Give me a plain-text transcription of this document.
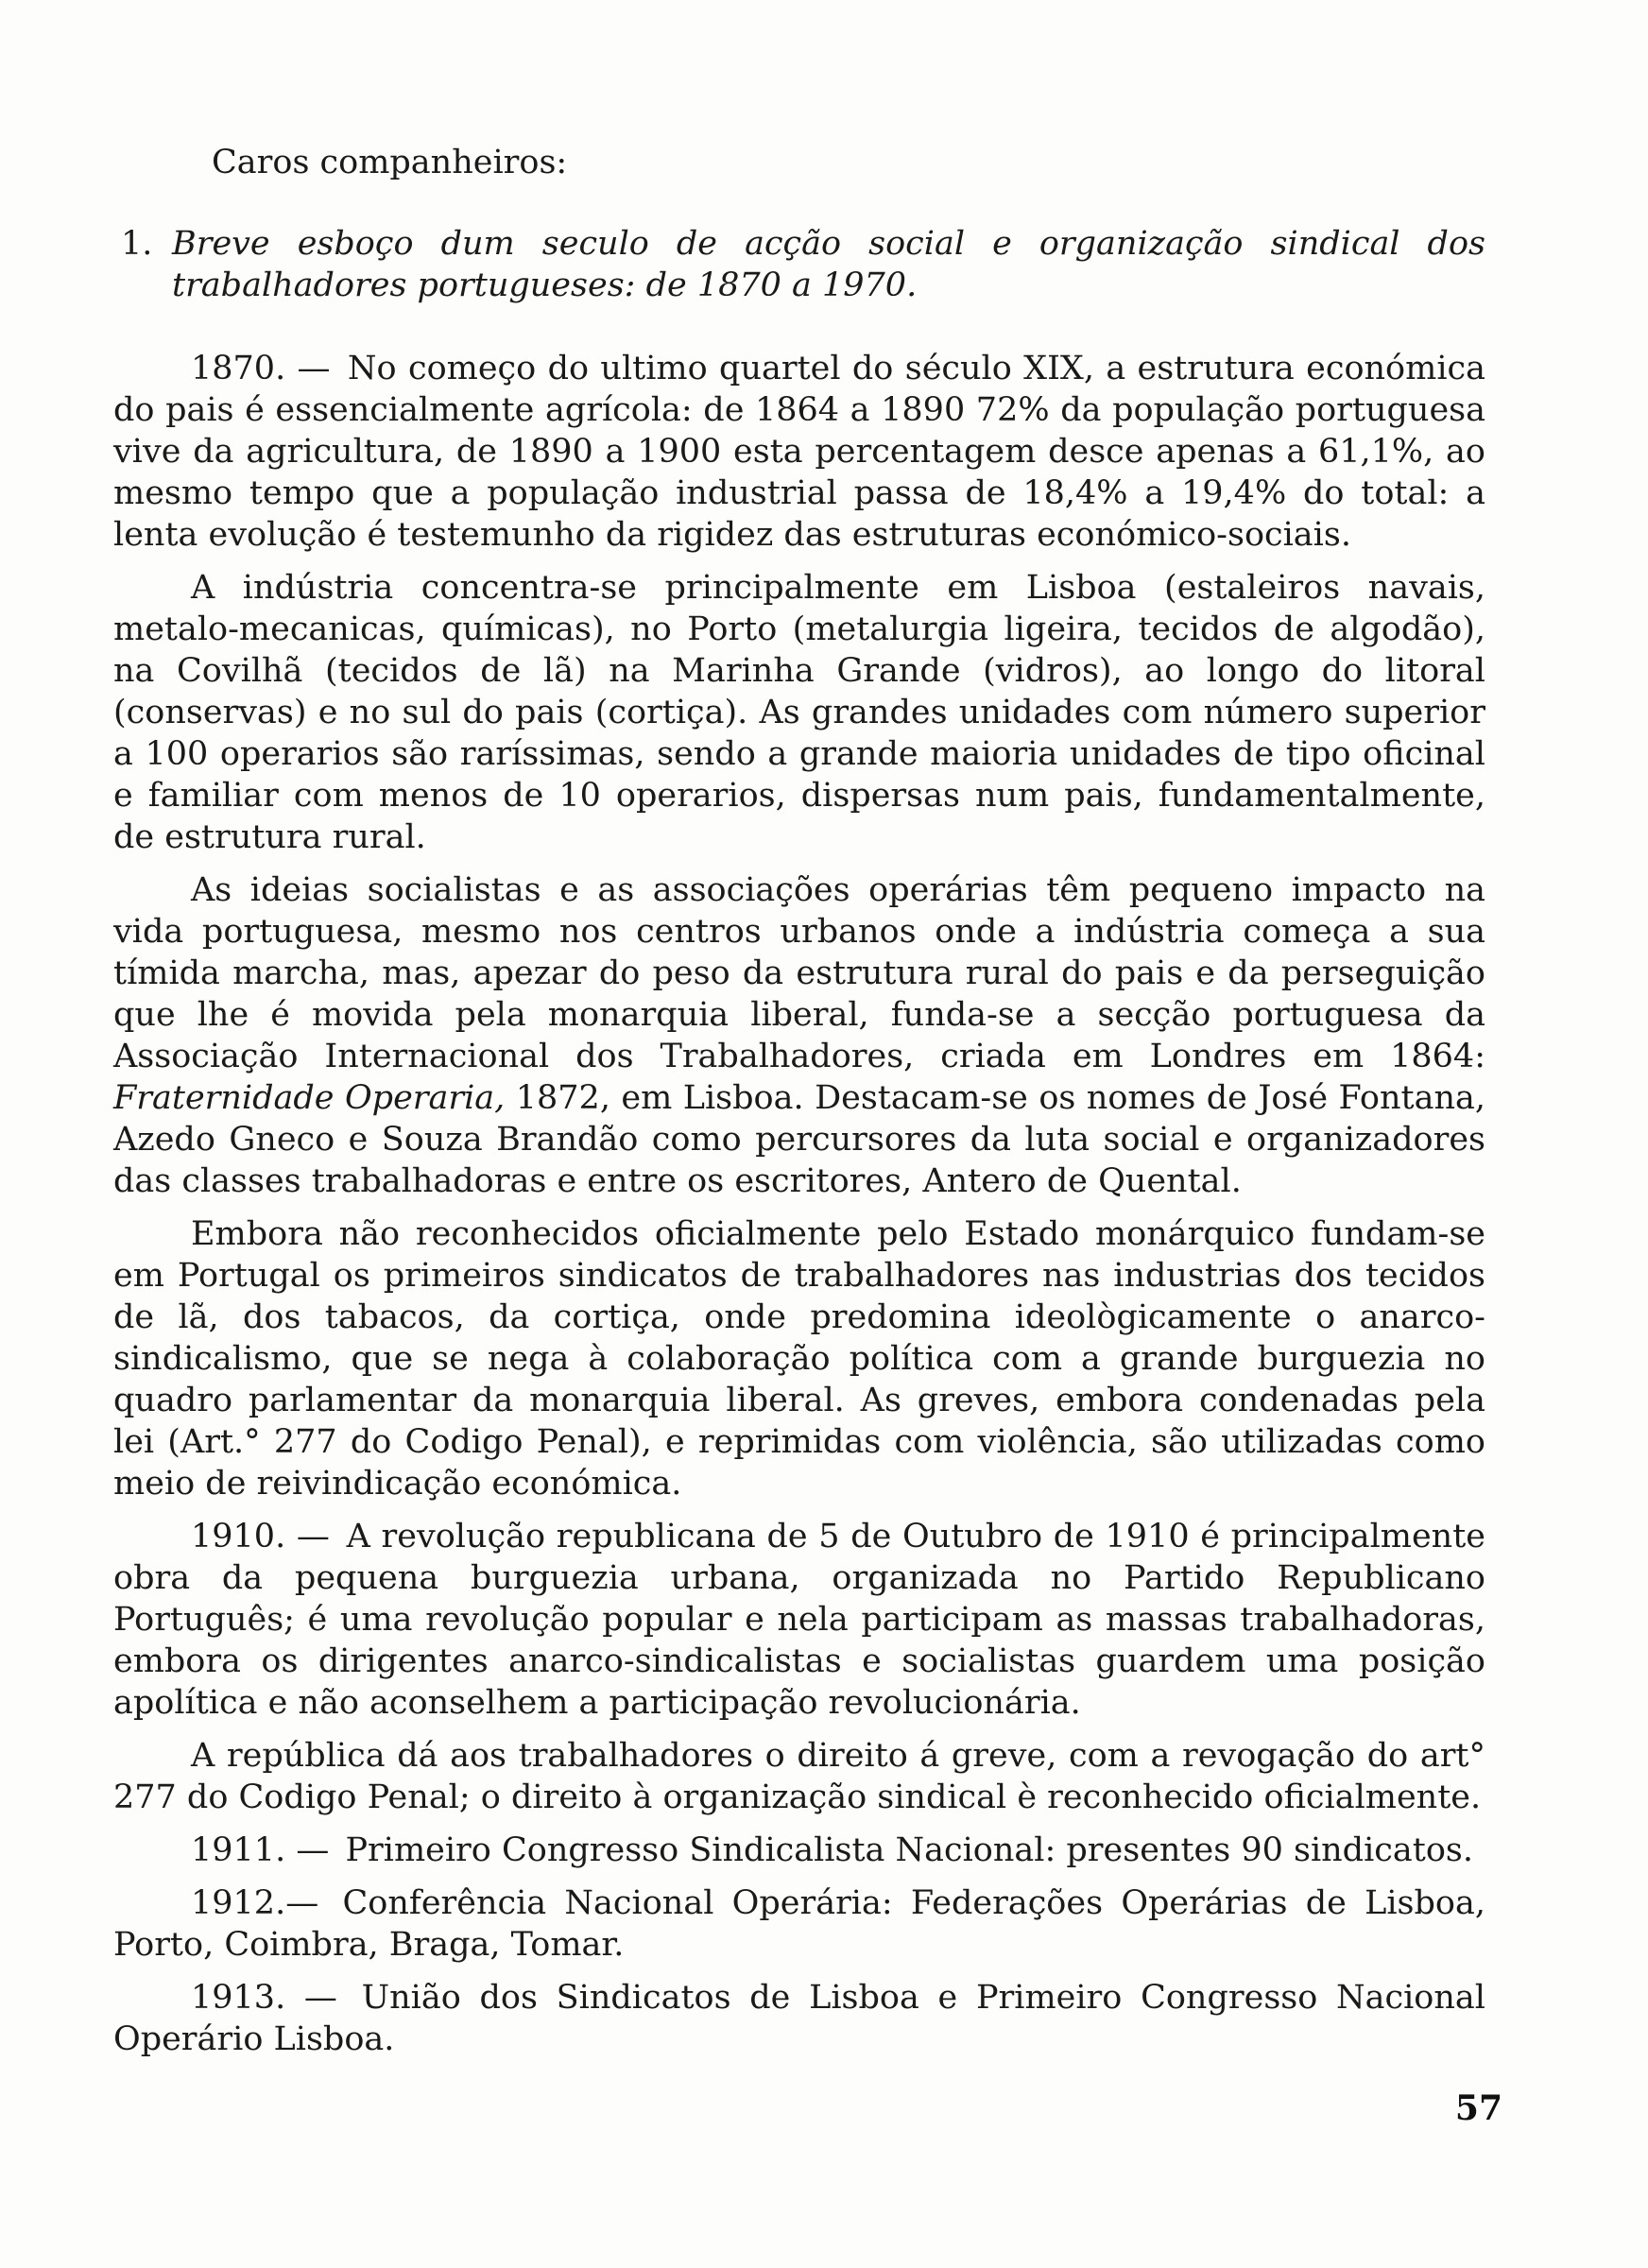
Caros companheiros:
1. Breve esboço dum seculo de acção social e organização sindical dos trabalhadores portugueses: de 1870 a 1970.

1870. — No começo do ultimo quartel do século XIX, a estrutura económica do pais é essencialmente agrícola: de 1864 a 1890 72% da população portuguesa vive da agricultura, de 1890 a 1900 esta percentagem desce apenas a 61,1%, ao mesmo tempo que a população industrial passa de 18,4% a 19,4% do total: a lenta evolução é testemunho da rigidez das estruturas económico-sociais.

A indústria concentra-se principalmente em Lisboa (estaleiros navais, metalo-mecanicas, químicas), no Porto (metalurgia ligeira, tecidos de algodão), na Covilhã (tecidos de lã) na Marinha Grande (vidros), ao longo do litoral (conservas) e no sul do pais (cortiça). As grandes unidades com número superior a 100 operarios são raríssimas, sendo a grande maioria unidades de tipo oficinal e familiar com menos de 10 operarios, dispersas num pais, fundamentalmente, de estrutura rural.

As ideias socialistas e as associações operárias têm pequeno impacto na vida portuguesa, mesmo nos centros urbanos onde a indústria começa a sua tímida marcha, mas, apezar do peso da estrutura rural do pais e da perseguição que lhe é movida pela monarquia liberal, funda-se a secção portuguesa da Associação Internacional dos Trabalhadores, criada em Londres em 1864: Fraternidade Operaria, 1872, em Lisboa. Destacam-se os nomes de José Fontana, Azedo Gneco e Souza Brandão como percursores da luta social e organizadores das classes trabalhadoras e entre os escritores, Antero de Quental.

Embora não reconhecidos oficialmente pelo Estado monárquico fundam-se em Portugal os primeiros sindicatos de trabalhadores nas industrias dos tecidos de lã, dos tabacos, da cortiça, onde predomina ideològicamente o anarco-sindicalismo, que se nega à colaboração política com a grande burguezia no quadro parlamentar da monarquia liberal. As greves, embora condenadas pela lei (Art.° 277 do Codigo Penal), e reprimidas com violência, são utilizadas como meio de reivindicação económica.

1910. — A revolução republicana de 5 de Outubro de 1910 é principalmente obra da pequena burguezia urbana, organizada no Partido Republicano Português; é uma revolução popular e nela participam as massas trabalhadoras, embora os dirigentes anarco-sindicalistas e socialistas guardem uma posição apolítica e não aconselhem a participação revolucionária.

A república dá aos trabalhadores o direito á greve, com a revogação do art° 277 do Codigo Penal; o direito à organização sindical è reconhecido oficialmente.

1911. — Primeiro Congresso Sindicalista Nacional: presentes 90 sindicatos.

1912.— Conferência Nacional Operária: Federações Operárias de Lisboa, Porto, Coimbra, Braga, Tomar.

1913. — União dos Sindicatos de Lisboa e Primeiro Congresso Nacional Operário Lisboa.

57
